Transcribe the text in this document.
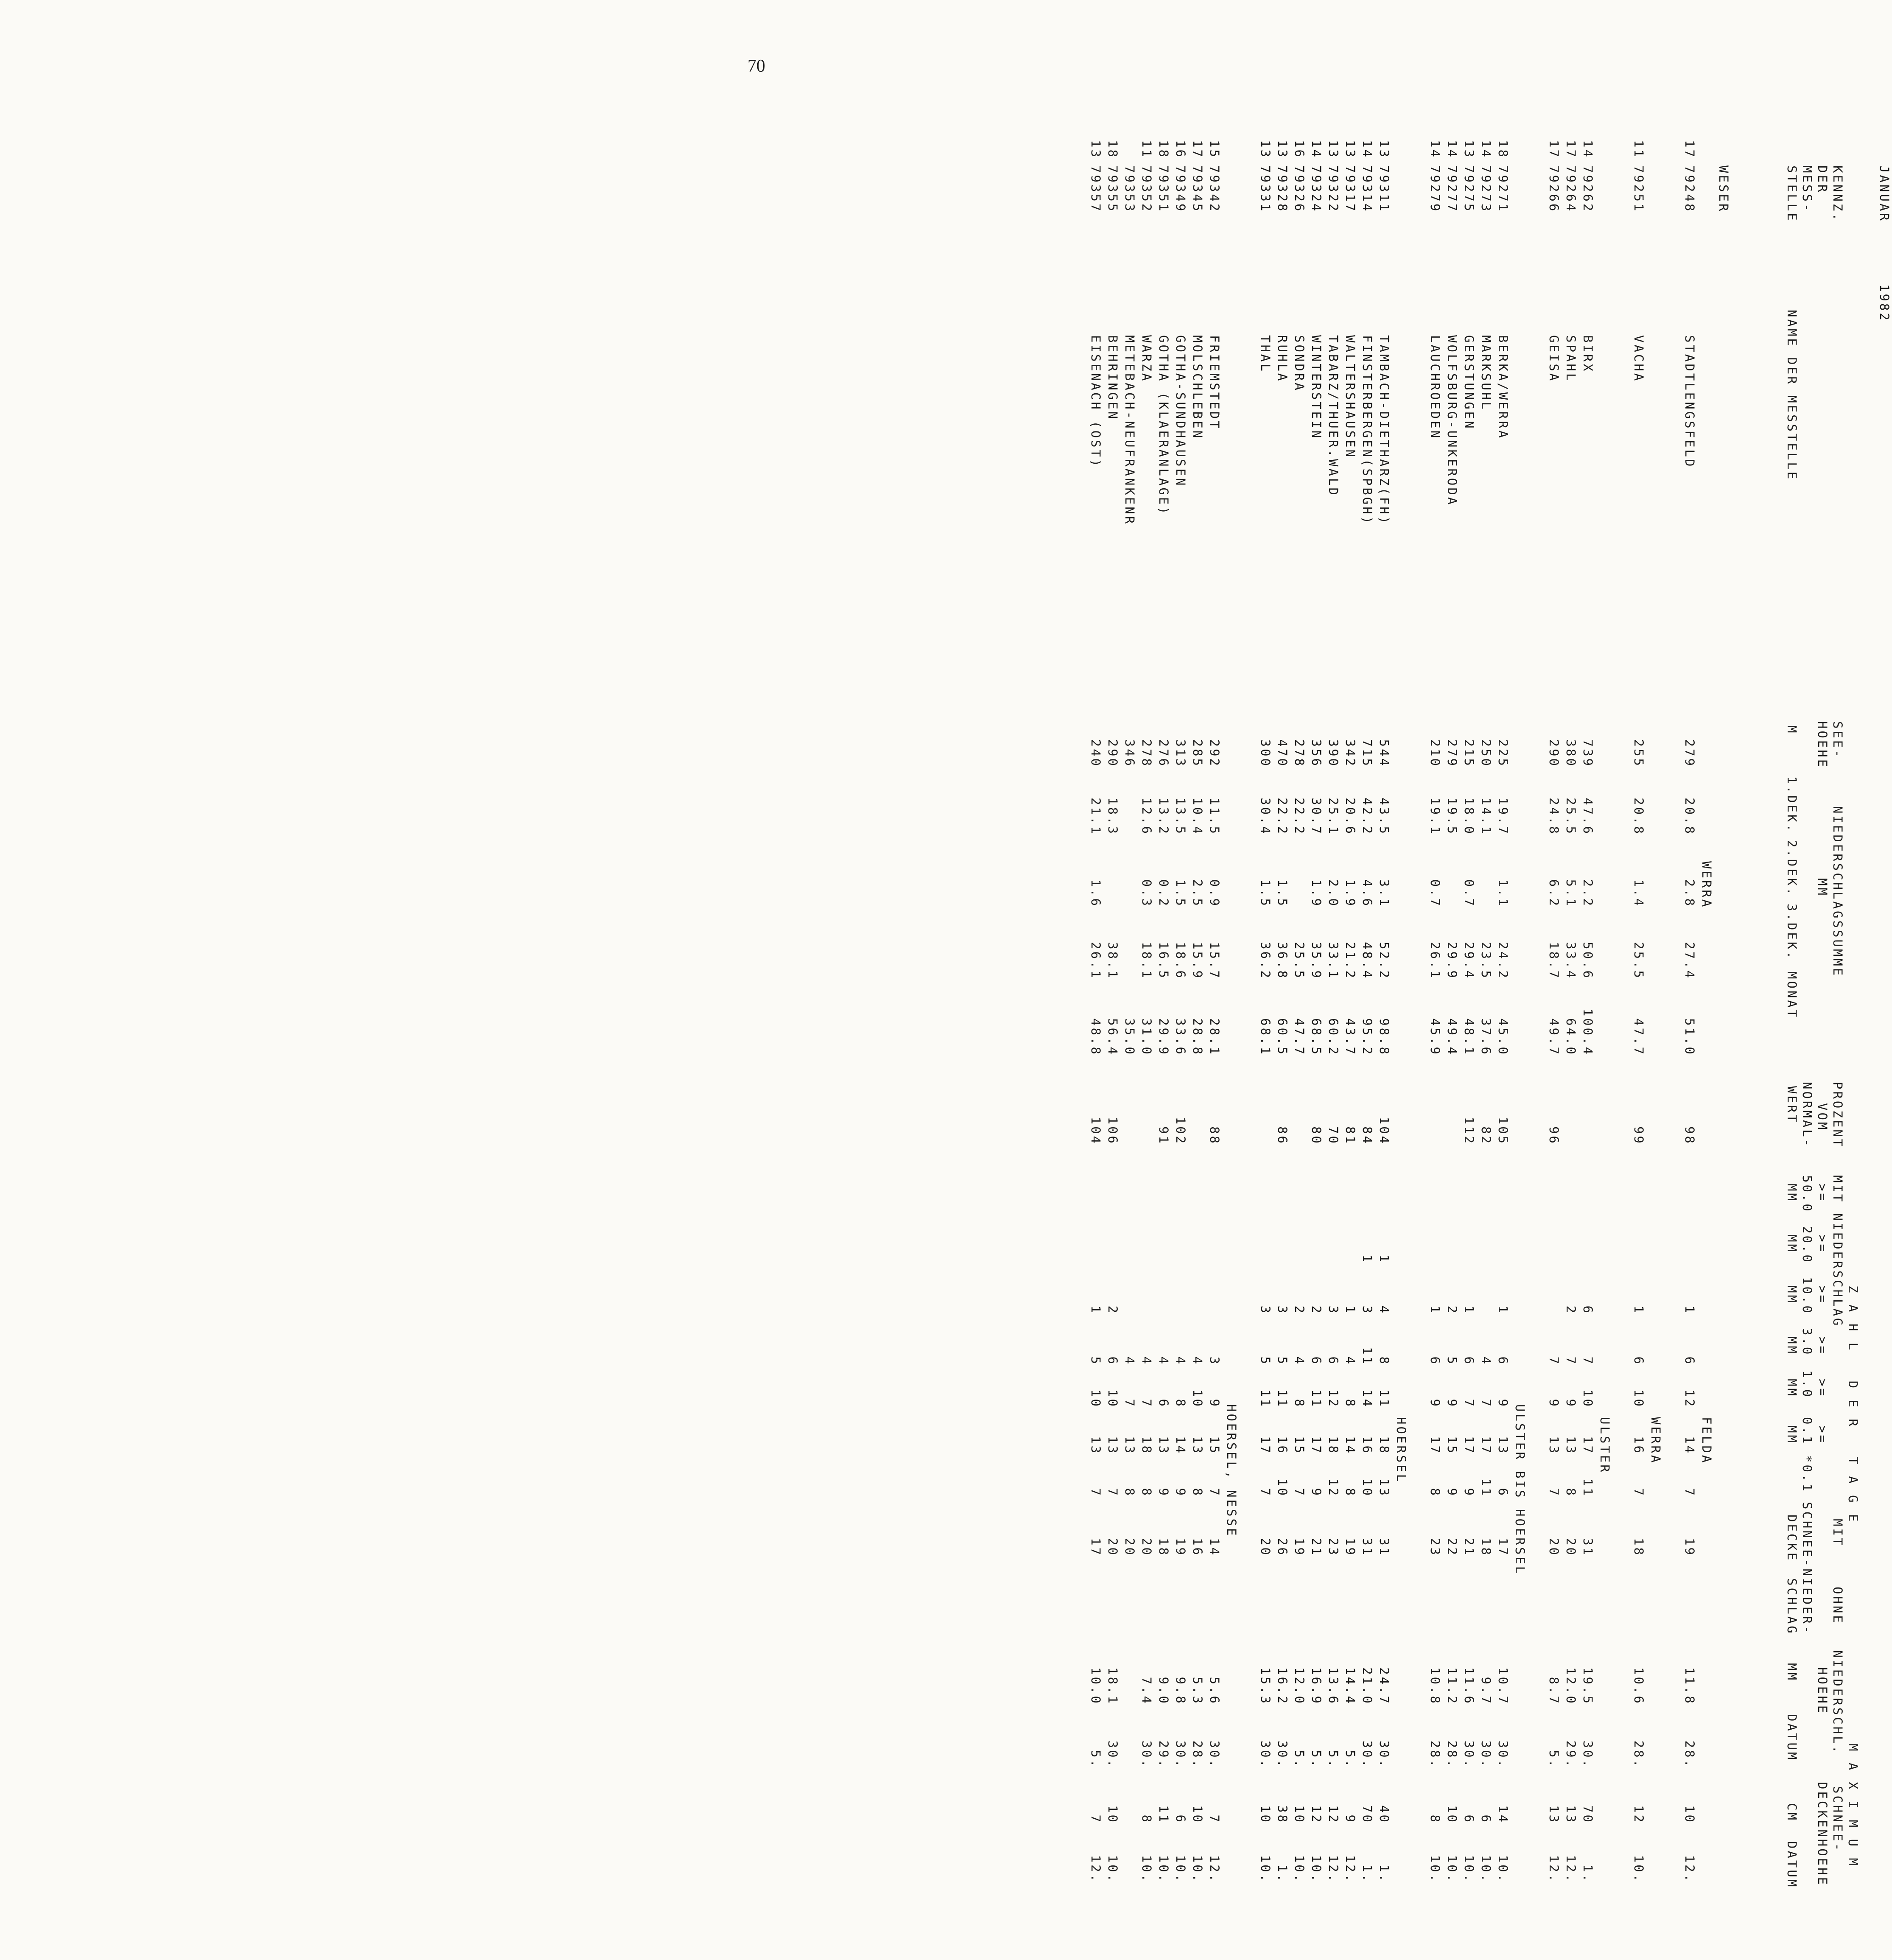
70
JANUAR
1982
KENNZ.
DER
MESS-
STELLE
NAME DER MESSTELLE
SEE-
HOEHE
M
NIEDERSCHLAGSSUMME
MM
1.DEK.
2.DEK.
3.DEK.
MONAT
PROZENT
VOM
NORMAL-
WERT
Z A H L   D E R   T A G E
MIT NIEDERSCHLAG
>=
>=
>=
>=
>=
>=
50.0
20.0
10.0
3.0
1.0
0.1
*0.1
MM
MM
MM
MM
MM
MM
MIT
OHNE
SCHNEE-NIEDER-
DECKE
SCHLAG
M A X I M U M
NIEDERSCHL.
SCHNEE-
HOEHE
DECKENHOEHE
MM
DATUM
CM
DATUM
WESER
WERRA
FELDA
79248
STADTLENGSFELD
279
20.8
2.8
27.4
51.0
98
1
6
12
14
7
19
17
11.8
28.
10
12.
WERRA
79251
VACHA
255
20.8
1.4
25.5
47.7
99
1
6
10
16
7
18
11
10.6
28.
12
10.
ULSTER
79262
BIRX
739
47.6
2.2
50.6
100.4
6
7
10
17
11
31
14
19.5
30.
70
1.
79264
SPAHL
380
25.5
5.1
33.4
64.0
2
7
9
13
8
20
17
12.0
29.
13
12.
79266
GEISA
290
24.8
6.2
18.7
49.7
96
7
9
13
7
20
17
8.7
5.
13
12.
ULSTER BIS HOERSEL
79271
BERKA/WERRA
225
19.7
1.1
24.2
45.0
105
1
6
9
13
6
17
18
10.7
30.
14
10.
79273
MARKSUHL
250
14.1
23.5
37.6
82
4
7
17
11
18
14
9.7
30.
6
10.
79275
GERSTUNGEN
215
18.0
0.7
29.4
48.1
112
1
6
7
17
9
21
13
11.6
30.
6
10.
79277
WOLFSBURG-UNKERODA
279
19.5
29.9
49.4
2
5
9
15
9
22
14
11.2
28.
10
10.
79279
LAUCHROEDEN
210
19.1
0.7
26.1
45.9
1
6
9
17
8
23
14
10.8
28.
8
10.
HOERSEL
79311
TAMBACH-DIETHARZ(FH)
544
43.5
3.1
52.2
98.8
104
1
4
8
11
18
13
31
13
24.7
30.
40
1.
79314
FINSTERBERGEN(SPBGH)
715
42.2
4.6
48.4
95.2
84
1
3
11
14
16
10
31
14
21.0
30.
70
1.
79317
WALTERSHAUSEN
342
20.6
1.9
21.2
43.7
81
1
4
8
14
8
19
13
14.4
5.
9
12.
79322
TABARZ/THUER.WALD
390
25.1
2.0
33.1
60.2
70
3
6
12
18
12
23
13
13.6
5.
12
12.
79324
WINTERSTEIN
356
30.7
1.9
35.9
68.5
80
2
6
11
17
9
21
14
16.9
5.
12
10.
79326
SONDRA
278
22.2
25.5
47.7
2
4
8
15
7
19
16
12.0
5.
10
10.
79328
RUHLA
470
22.2
1.5
36.8
60.5
86
3
5
11
16
10
26
13
16.2
30.
38
1.
79331
THAL
300
30.4
1.5
36.2
68.1
3
5
11
17
7
20
13
15.3
30.
10
10.
HOERSEL, NESSE
79342
FRIEMSTEDT
292
11.5
0.9
15.7
28.1
88
3
9
15
7
14
15
5.6
30.
7
12.
79345
MOLSCHLEBEN
285
10.4
2.5
15.9
28.8
4
10
13
8
16
17
5.3
28.
10
10.
79349
GOTHA-SUNDHAUSEN
313
13.5
1.5
18.6
33.6
102
4
8
14
9
19
16
9.8
30.
6
10.
79351
GOTHA (KLAERANLAGE)
276
13.2
0.2
16.5
29.9
91
4
6
13
9
18
18
9.0
29.
11
10.
79352
WARZA
278
12.6
0.3
18.1
31.0
4
7
18
8
20
11
7.4
30.
8
10.
79353
METEBACH-NEUFRANKENR
346
35.0
4
7
13
8
20
79355
BEHRINGEN
290
18.3
38.1
56.4
106
2
6
10
13
7
20
18
18.1
30.
10
10.
79357
EISENACH (OST)
240
21.1
1.6
26.1
48.8
104
1
5
10
13
7
17
13
10.0
5.
7
12.
